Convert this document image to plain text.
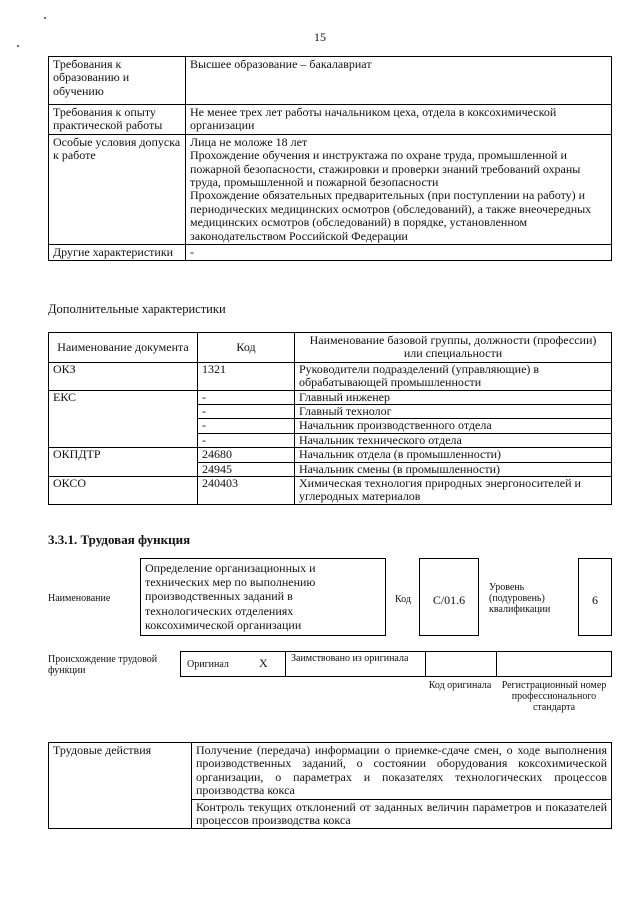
15
Требования к образованию и обучению	Высшее образование – бакалавриат
Требования к опыту практической работы	Не менее трех лет работы начальником цеха, отдела в коксохимической организации
Особые условия допуска к работе	Лица не моложе 18 лет
Прохождение обучения и инструктажа по охране труда, промышленной и пожарной безопасности, стажировки и проверки знаний требований охраны труда, промышленной и пожарной безопасности
Прохождение обязательных предварительных (при поступлении на работу) и периодических медицинских осмотров (обследований), а также внеочередных медицинских осмотров (обследований) в порядке, установленном законодательством Российской Федерации

Другие характеристики	-
Дополнительные характеристики
Наименование документа	Код	Наименование базовой группы, должности (профессии) или специальности
ОКЗ	1321	Руководители подразделений (управляющие) в обрабатывающей промышленности
ЕКС	-	Главный инженер
	-	Главный технолог
	-	Начальник производственного отдела
	-	Начальник технического отдела
ОКПДТР	24680	Начальник отдела (в промышленности)
	24945	Начальник смены (в промышленности)
ОКСО	240403	Химическая технология природных энергоносителей и углеродных материалов
3.3.1. Трудовая функция
Наименование
Определение организационных и технических мер по выполнению производственных заданий в технологических отделениях коксохимической организации
Код	C/01.6
Уровень (подуровень) квалификации
6
Происхождение трудовой функции
Оригинал	X Заимствовано из оригинала
Код оригинала Регистрационный номер профессионального стандарта
Трудовые действия	Получение (передача) информации о приемке-сдаче смен, о ходе выполнения производственных заданий, о состоянии оборудования коксохимической организации, о параметрах и показателях технологических процессов производства кокса
Контроль текущих отклонений от заданных величин параметров и показателей процессов производства кокса
